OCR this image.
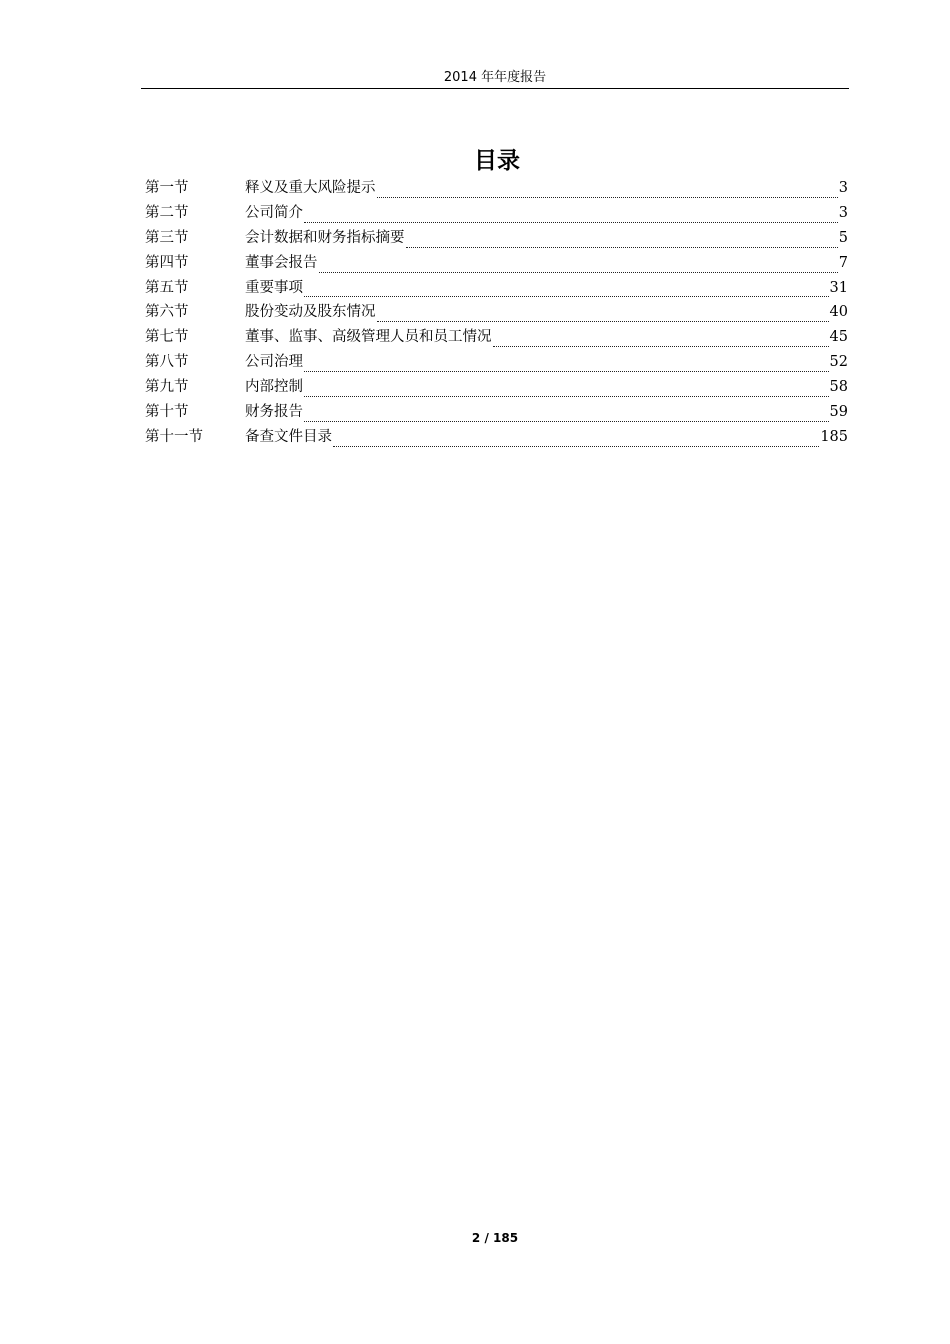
2014 年年度报告
目录
第一节	释义及重大风险提示	3
第二节	公司简介	3
第三节	会计数据和财务指标摘要	5
第四节	董事会报告	7
第五节	重要事项	31
第六节	股份变动及股东情况	40
第七节	董事、监事、高级管理人员和员工情况	45
第八节	公司治理	52
第九节	内部控制	58
第十节	财务报告	59
第十一节	备查文件目录	185
2 / 185
